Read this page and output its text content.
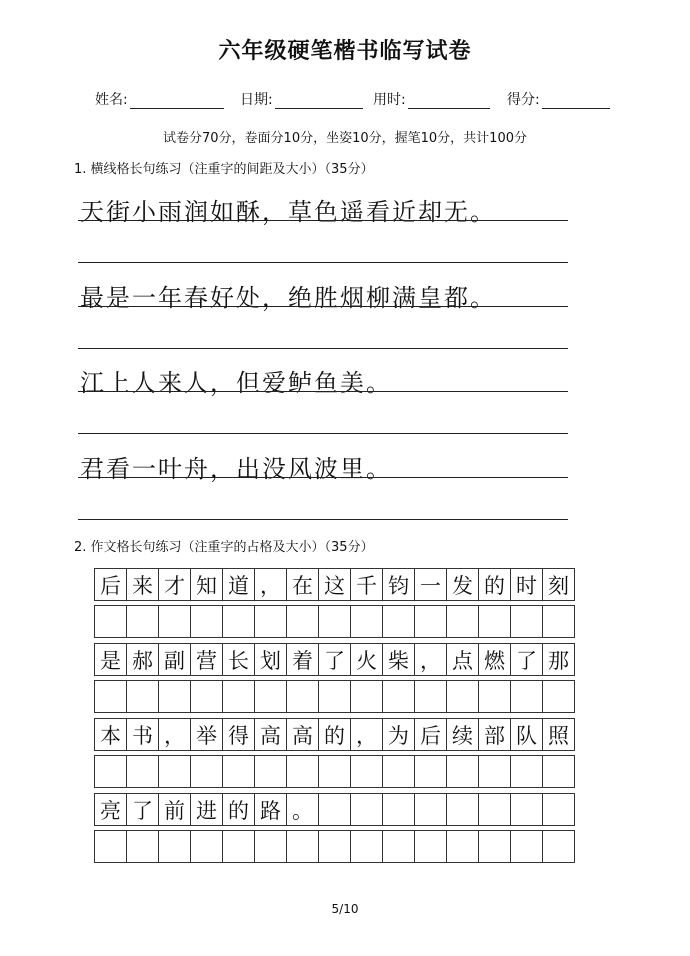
六年级硬笔楷书临写试卷
姓名:	日期:	用时:	得分:
试卷分70分，卷面分10分，坐姿10分，握笔10分，共计100分
1. 横线格长句练习（注重字的间距及大小）（35分）
天街小雨润如酥，草色遥看近却无。
最是一年春好处，绝胜烟柳满皇都。
江上人来人，但爱鲈鱼美。
君看一叶舟，出没风波里。
2. 作文格长句练习（注重字的占格及大小）（35分）
后 来 才 知 道 ， 在 这 千 钧 一 发 的 时 刻
是 郝 副 营 长 划 着 了 火 柴 ， 点 燃 了 那
本 书 ， 举 得 高 高 的 ， 为 后 续 部 队 照
亮 了 前 进 的 路 。
5/10
